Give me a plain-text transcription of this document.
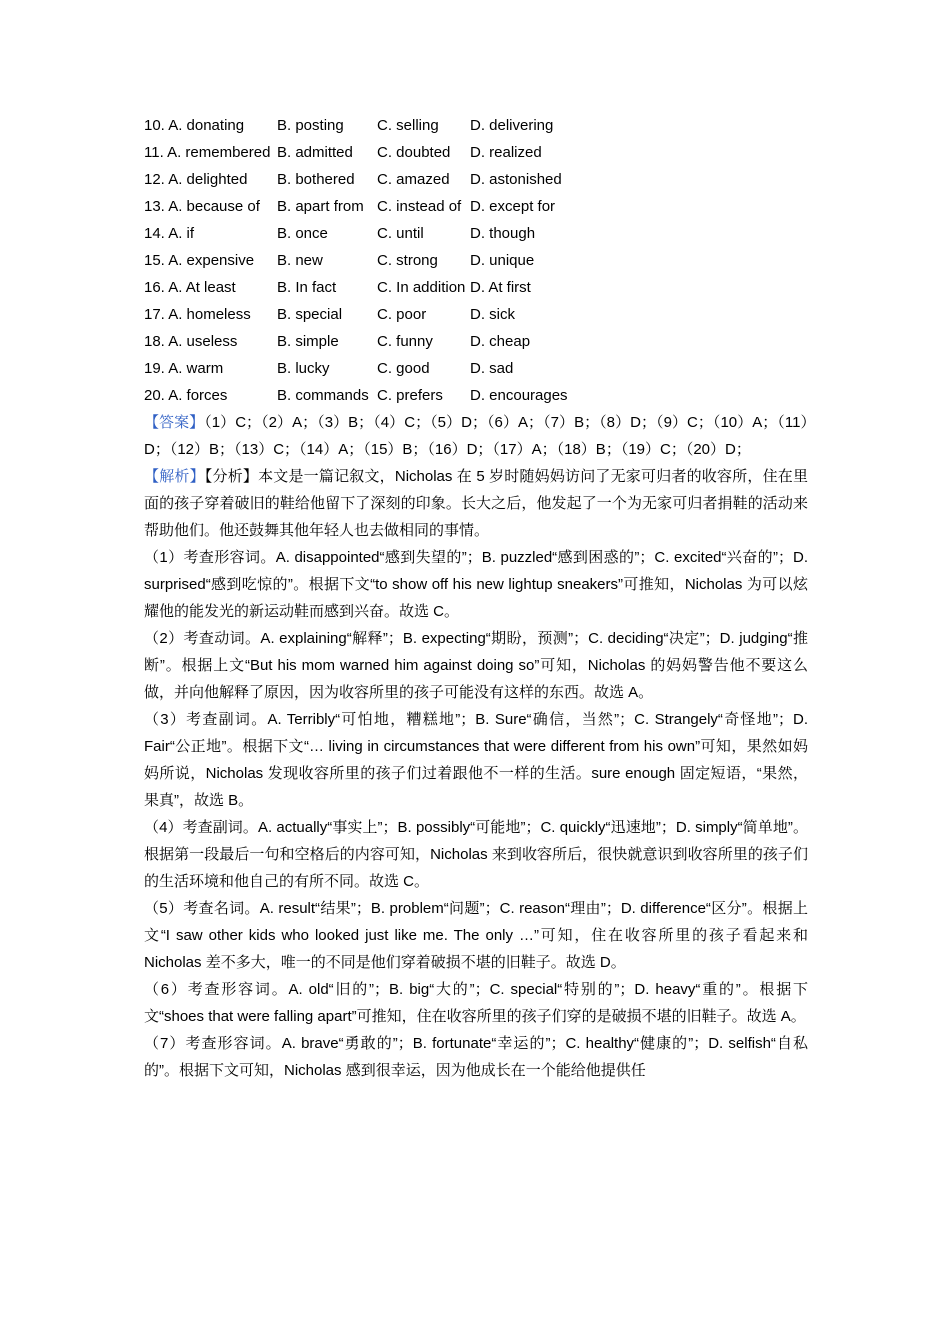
10. A. donating	B. posting	C. selling	D. delivering
11. A. remembered	B. admitted	C. doubted	D. realized
12. A. delighted	B. bothered	C. amazed	D. astonished
13. A. because of	B. apart from	C. instead of	D. except for
14. A. if	B. once	C. until	D. though
15. A. expensive	B. new	C. strong	D. unique
16. A. At least	B. In fact	C. In addition	D. At first
17. A. homeless	B. special	C. poor	D. sick
18. A. useless	B. simple	C. funny	D. cheap
19. A. warm	B. lucky	C. good	D. sad
20. A. forces	B. commands	C. prefers	D. encourages
【答案】（1）C；（2）A；（3）B；（4）C；（5）D；（6）A；（7）B；（8）D；（9）C；（10）A；（11）D；（12）B；（13）C；（14）A；（15）B；（16）D；（17）A；（18）B；（19）C；（20）D；

【解析】【分析】本文是一篇记叙文，Nicholas 在 5 岁时随妈妈访问了无家可归者的收容所，住在里面的孩子穿着破旧的鞋给他留下了深刻的印象。长大之后，他发起了一个为无家可归者捐鞋的活动来帮助他们。他还鼓舞其他年轻人也去做相同的事情。

（1）考查形容词。A. disappointed“感到失望的”；B. puzzled“感到困惑的”；C. excited“兴奋的”；D. surprised“感到吃惊的”。根据下文“to show off his new lightup sneakers”可推知，Nicholas 为可以炫耀他的能发光的新运动鞋而感到兴奋。故选 C。

（2）考查动词。A. explaining“解释”；B. expecting“期盼，预测”；C. deciding“决定”；D. judging“推断”。根据上文“But his mom warned him against doing so”可知，Nicholas 的妈妈警告他不要这么做，并向他解释了原因，因为收容所里的孩子可能没有这样的东西。故选 A。

（3）考查副词。A. Terribly“可怕地，糟糕地”；B. Sure“确信，当然”；C. Strangely“奇怪地”；D. Fair“公正地”。根据下文“… living in circumstances that were different from his own”可知，果然如妈妈所说，Nicholas 发现收容所里的孩子们过着跟他不一样的生活。sure enough 固定短语，“果然，果真”，故选 B。

（4）考查副词。A. actually“事实上”；B. possibly“可能地”；C. quickly“迅速地”；D. simply“简单地”。根据第一段最后一句和空格后的内容可知，Nicholas 来到收容所后，很快就意识到收容所里的孩子们的生活环境和他自己的有所不同。故选 C。

（5）考查名词。A. result“结果”；B. problem“问题”；C. reason“理由”；D. difference“区分”。根据上文“I saw other kids who looked just like me. The only …”可知，住在收容所里的孩子看起来和 Nicholas 差不多大，唯一的不同是他们穿着破损不堪的旧鞋子。故选 D。

（6）考查形容词。A. old“旧的”；B. big“大的”；C. special“特别的”；D. heavy“重的”。根据下文“shoes that were falling apart”可推知，住在收容所里的孩子们穿的是破损不堪的旧鞋子。故选 A。

（7）考查形容词。A. brave“勇敢的”；B. fortunate“幸运的”；C. healthy“健康的”；D. selfish“自私的”。根据下文可知，Nicholas 感到很幸运，因为他成长在一个能给他提供任
